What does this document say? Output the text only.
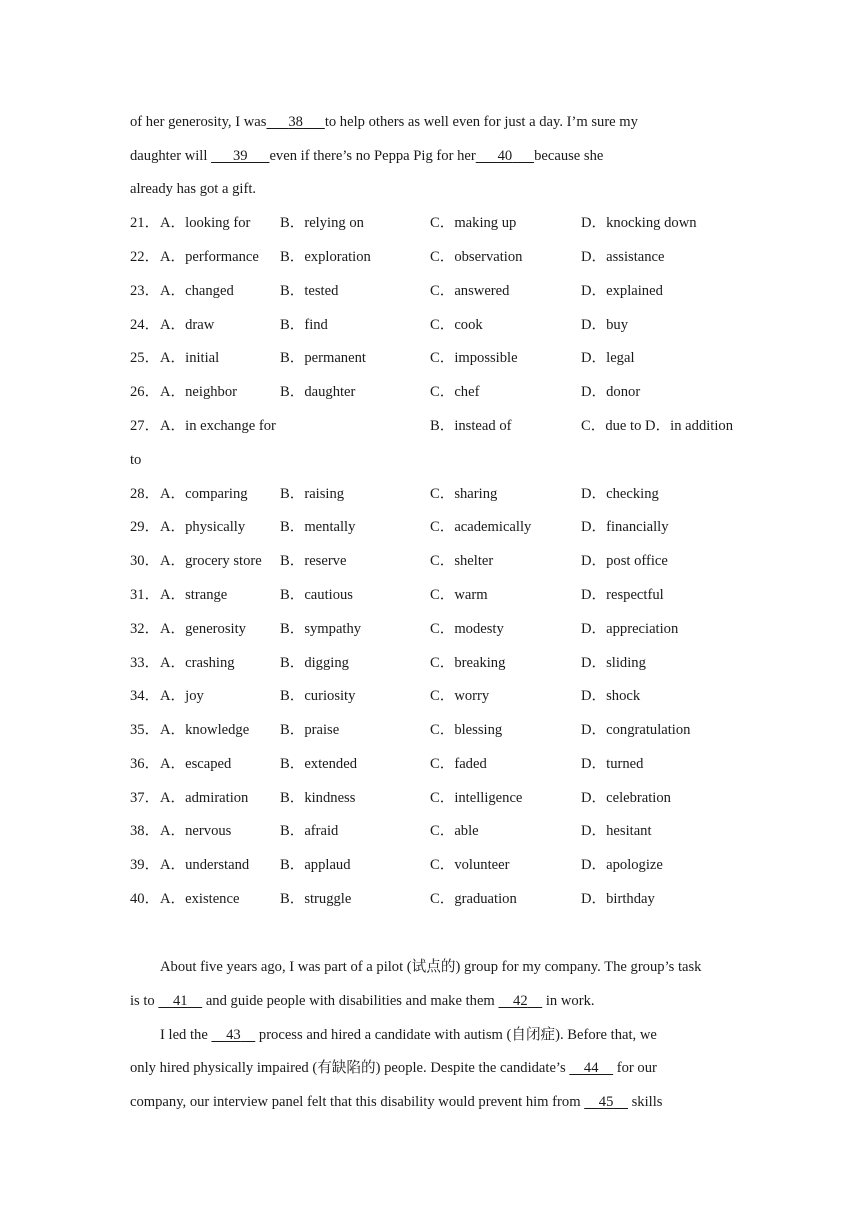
of her generosity, I was    38    to help others as well even for just a day. I’m sure my
daughter will    39    even if there’s no Peppa Pig for her    40    because she
already has got a gift.
21． A．looking for B．relying on	C．making up	D．knocking down
22． A．performance B．exploration	C．observation	D．assistance
23． A．changed	B．tested	C．answered	D．explained
24． A．draw	B．find	C．cook	D．buy
25． A．initial	B．permanent	C．impossible	D．legal
26． A．neighbor	B．daughter	C．chef	D．donor
27． A．in exchange for	B．instead of	C．due to D．in addition
to
28． A．comparing B．raising	C．sharing	D．checking
29． A．physically B．mentally	C．academically	D．financially
30． A．grocery store B．reserve	C．shelter	D．post office
31． A．strange	B．cautious	C．warm	D．respectful
32． A．generosity B．sympathy	C．modesty	D．appreciation
33． A．crashing	B．digging	C．breaking	D．sliding
34． A．joy	B．curiosity	C．worry	D．shock
35． A．knowledge B．praise	C．blessing	D．congratulation
36． A．escaped	B．extended	C．faded	D．turned
37． A．admiration B．kindness	C．intelligence	D．celebration
38． A．nervous	B．afraid	C．able	D．hesitant
39． A．understand B．applaud	C．volunteer	D．apologize
40． A．existence	B．struggle	C．graduation	D．birthday
About five years ago, I was part of a pilot (试点的) group for my company. The group’s task
is to   41   and guide people with disabilities and make them   42   in work.
I led the   43   process and hired a candidate with autism (自闭症). Before that, we
only hired physically impaired (有缺陷的) people. Despite the candidate’s   44   for our
company, our interview panel felt that this disability would prevent him from   45   skills
